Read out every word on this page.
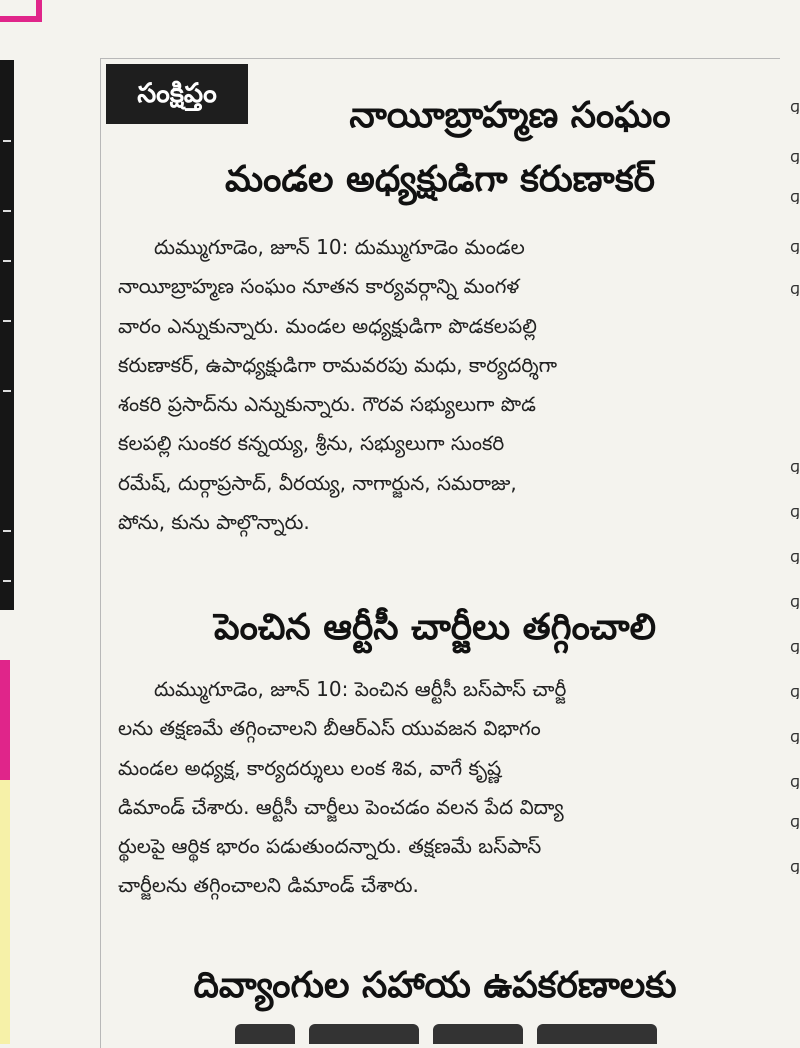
సంక్షిప్తం
నాయీబ్రాహ్మణ సంఘం
మండల అధ్యక్షుడిగా కరుణాకర్
దుమ్ముగూడెం, జూన్ 10: దుమ్ముగూడెం మండల
నాయీబ్రాహ్మణ సంఘం నూతన కార్యవర్గాన్ని మంగళ
వారం ఎన్నుకున్నారు. మండల అధ్యక్షుడిగా పొడకలపల్లి
కరుణాకర్, ఉపాధ్యక్షుడిగా రామవరపు మధు, కార్యదర్శిగా
శంకరి ప్రసాద్‌ను ఎన్నుకున్నారు. గౌరవ సభ్యులుగా పొడ
కలపల్లి సుంకర కన్నయ్య, శ్రీను, సభ్యులుగా సుంకరి
రమేష్, దుర్గాప్రసాద్, వీరయ్య, నాగార్జున, సమరాజు,
పోను, కును పాల్గొన్నారు.
పెంచిన ఆర్టీసీ చార్జీలు తగ్గించాలి
దుమ్ముగూడెం, జూన్ 10: పెంచిన ఆర్టీసీ బస్‌పాస్ చార్జీ
లను తక్షణమే తగ్గించాలని బీఆర్ఎస్ యువజన విభాగం
మండల అధ్యక్ష, కార్యదర్శులు లంక శివ, వాగే కృష్ణ
డిమాండ్ చేశారు. ఆర్టీసీ చార్జీలు పెంచడం వలన పేద విద్యా
ర్థులపై ఆర్థిక భారం పడుతుందన్నారు. తక్షణమే బస్‌పాస్
చార్జీలను తగ్గించాలని డిమాండ్ చేశారు.
దివ్యాంగుల సహాయ ఉపకరణాలకు
ɡ
ɡ
ɡ
ɡ
ɡ
ɡ
ɡ
ɡ
ɡ
ɡ
ɡ
ɡ
ɡ
ɡ
ɡ
